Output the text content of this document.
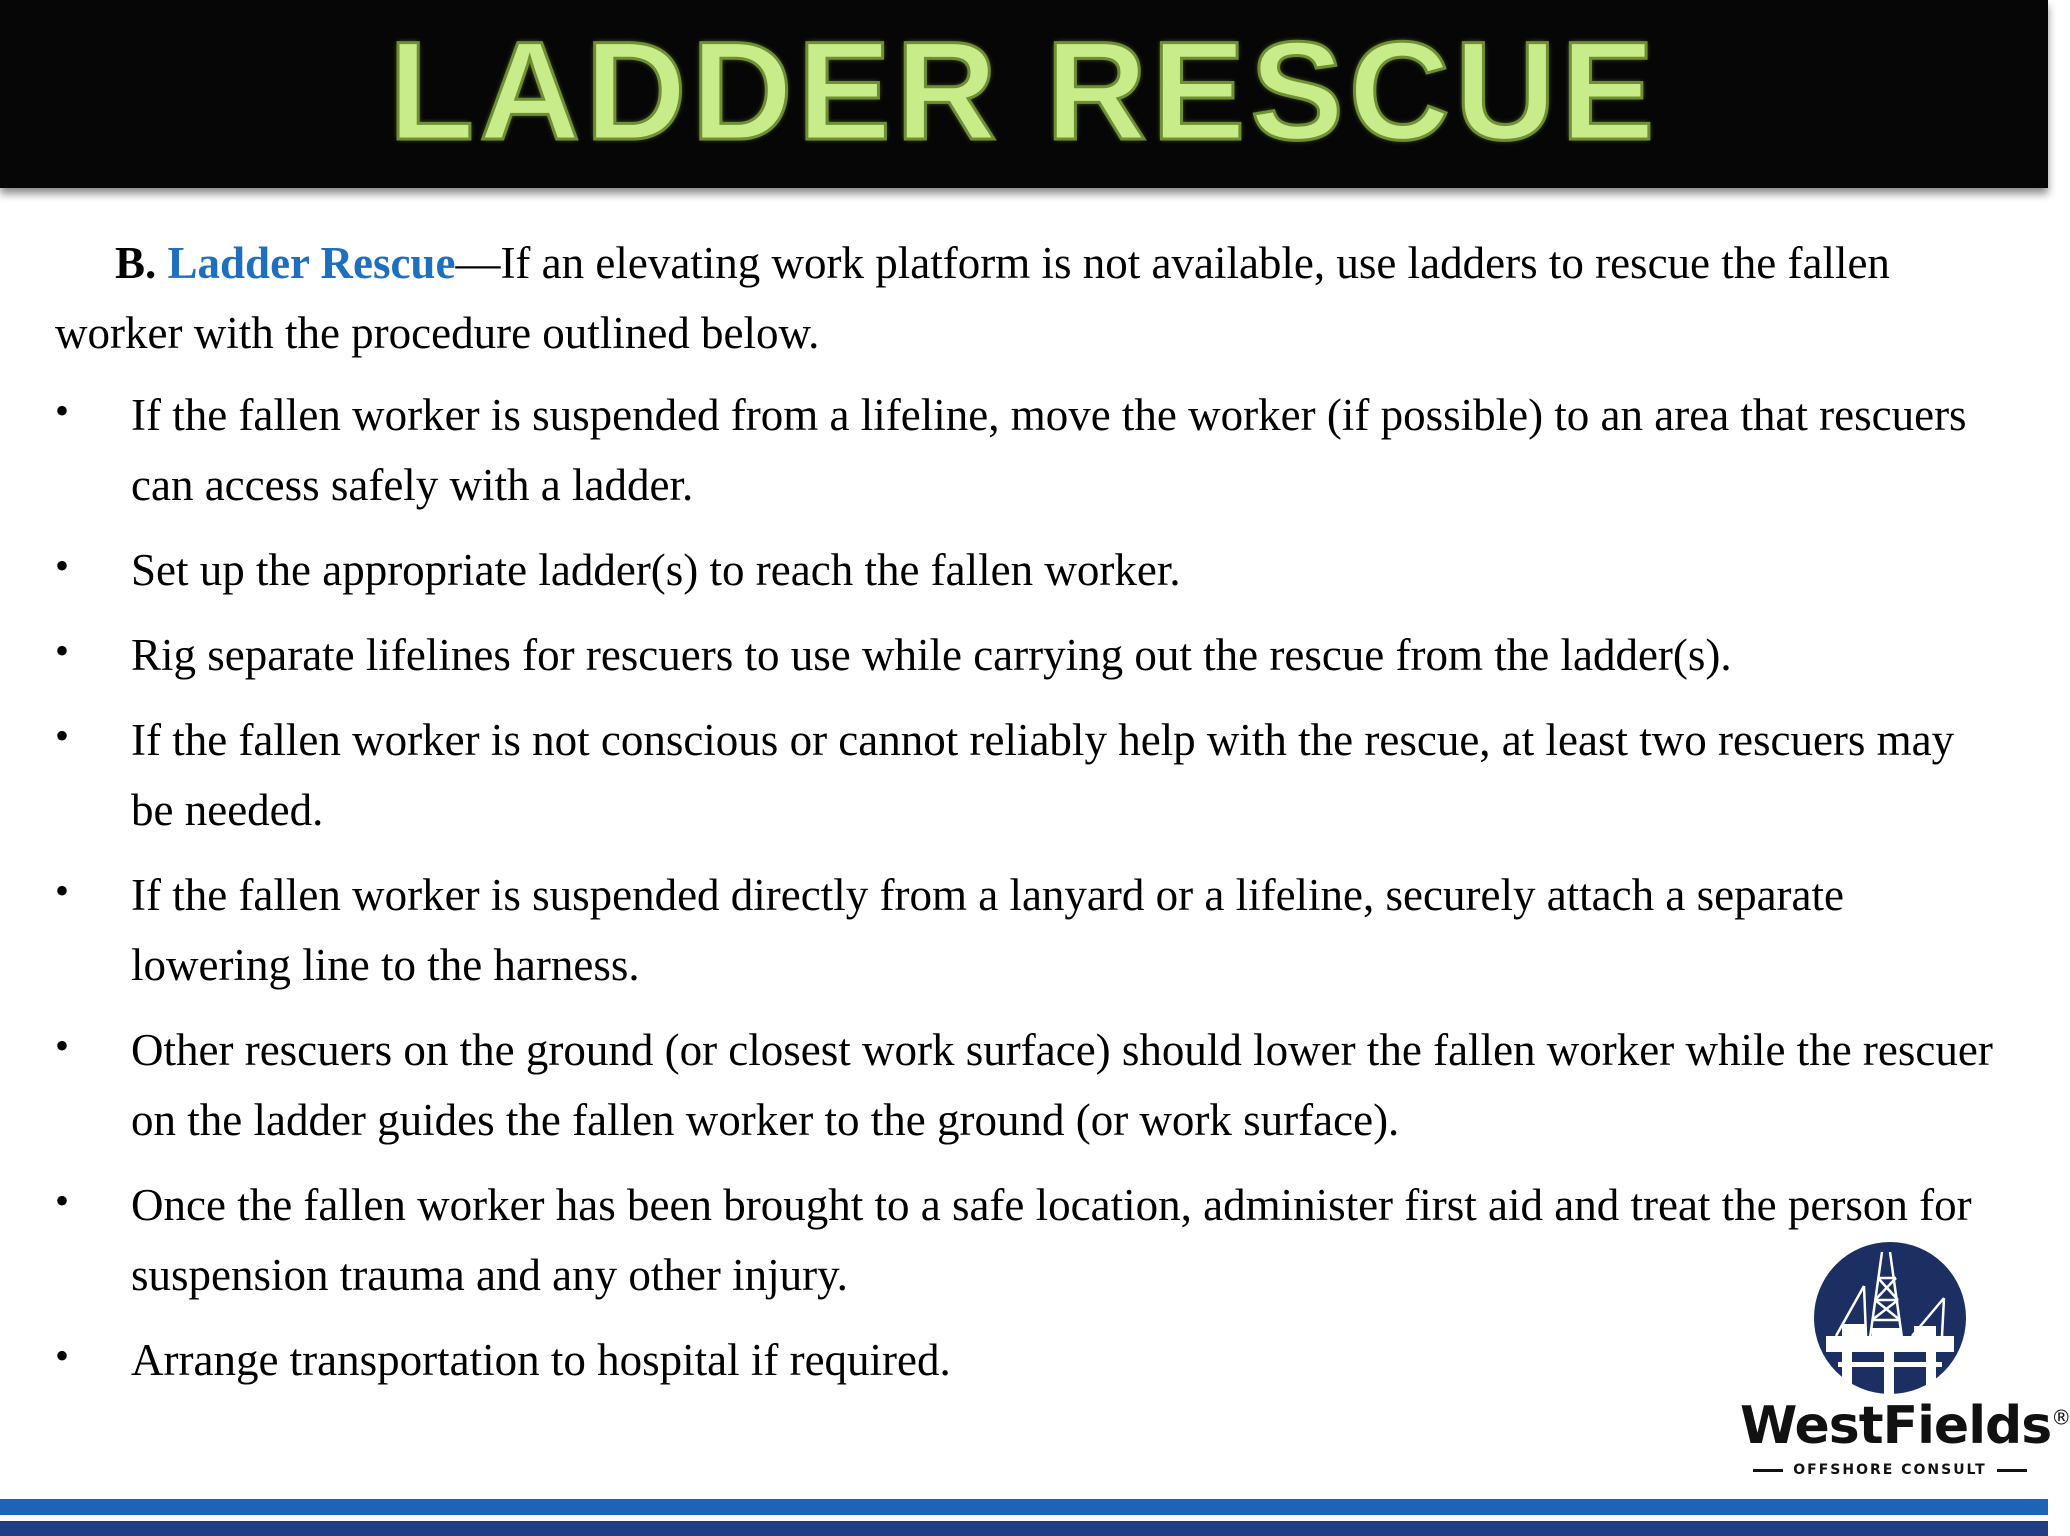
LADDER RESCUE

B. Ladder Rescue—If an elevating work platform is not available, use ladders to rescue the fallen worker with the procedure outlined below.

• If the fallen worker is suspended from a lifeline, move the worker (if possible) to an area that rescuers can access safely with a ladder.
• Set up the appropriate ladder(s) to reach the fallen worker.
• Rig separate lifelines for rescuers to use while carrying out the rescue from the ladder(s).
• If the fallen worker is not conscious or cannot reliably help with the rescue, at least two rescuers may be needed.
• If the fallen worker is suspended directly from a lanyard or a lifeline, securely attach a separate lowering line to the harness.
• Other rescuers on the ground (or closest work surface) should lower the fallen worker while the rescuer on the ladder guides the fallen worker to the ground (or work surface).
• Once the fallen worker has been brought to a safe location, administer first aid and treat the person for suspension trauma and any other injury.
• Arrange transportation to hospital if required.
WestFields®
OFFSHORE CONSULT
